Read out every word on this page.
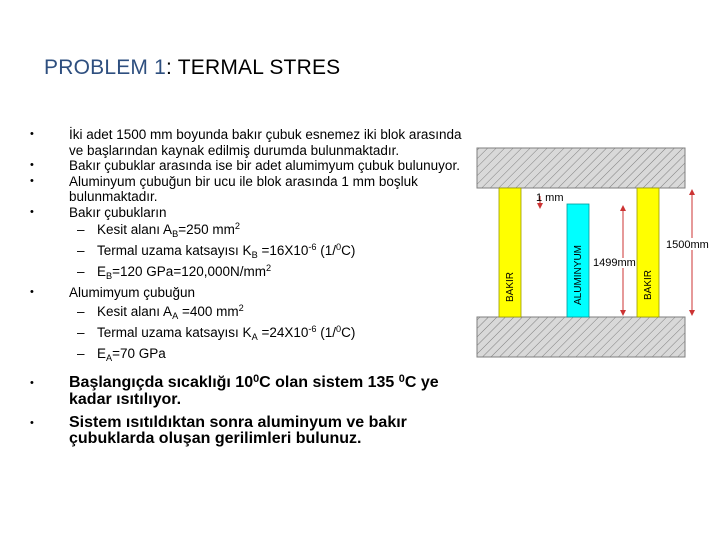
PROBLEM 1: TERMAL STRES
• İki adet 1500 mm boyunda bakır çubuk esnemez iki blok arasında ve başlarından kaynak edilmiş durumda bulunmaktadır.
• Bakır çubuklar arasında ise bir adet alumimyum çubuk bulunuyor.
• Aluminyum çubuğun bir ucu ile blok arasında 1 mm boşluk bulunmaktadır.
• Bakır çubukların
– Kesit alanı $A_B=250$ $mm^2$
– Termal uzama katsayısı $K_B =16X10^{-6}$ (1/$^0$C)
– $E_B=120$ $GPa=120,000N/mm^2$
• Alumimyum çubuğun
– Kesit alanı $A_A =400$ $mm^2$
– Termal uzama katsayısı $K_A =24X10^{-6}$ (1/$^0$C)
– $E_A=70$ GPa
• Başlangıçda sıcaklığı $10^0C$ olan sistem 135 $^0$C ye kadar ısıtılıyor.
• Sistem ısıtıldıktan sonra aluminyum ve bakır çubuklarda oluşan gerilimleri bulunuz.
1 mm
1499mm
1500mm
BAKIR	ALUMINYUM	BAKIR
